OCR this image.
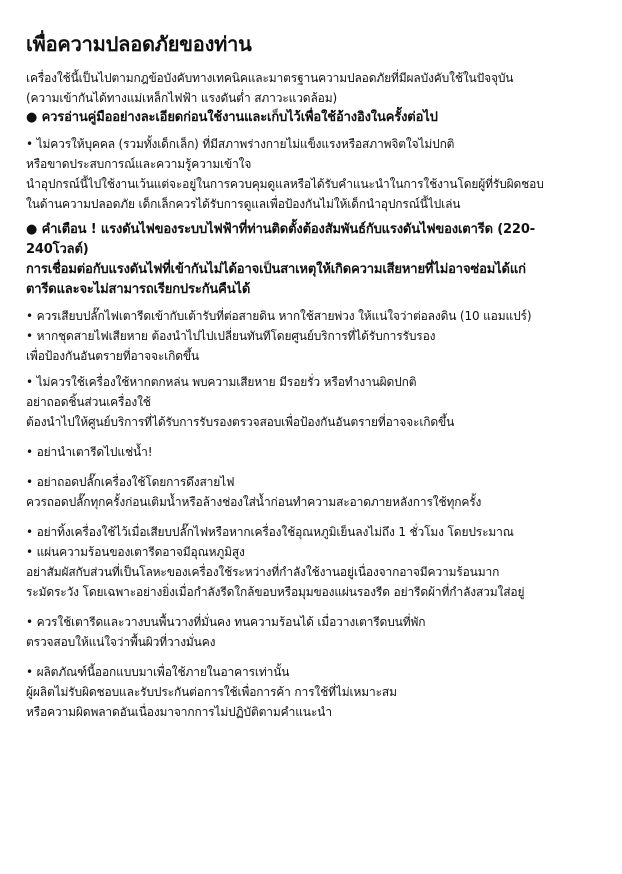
เพื่อความปลอดภัยของท่าน

เครื่องใช้นี้เป็นไปตามกฎข้อบังคับทางเทคนิคและมาตรฐานความปลอดภัยที่มีผลบังคับใช้ในปัจจุบัน

(ความเข้ากันได้ทางแม่เหล็กไฟฟ้า แรงดันต่ำ สภาวะแวดล้อม)

● ควรอ่านคู่มืออย่างละเอียดก่อนใช้งานและเก็บไว้เพื่อใช้อ้างอิงในครั้งต่อไป

• ไม่ควรให้บุคคล (รวมทั้งเด็กเล็ก) ที่มีสภาพร่างกายไม่แข็งแรงหรือสภาพจิตใจไม่ปกติ

หรือขาดประสบการณ์และความรู้ความเข้าใจ

นำอุปกรณ์นี้ไปใช้งานเว้นแต่จะอยู่ในการควบคุมดูแลหรือได้รับคำแนะนำในการใช้งานโดยผู้ที่รับผิดชอบ

ในด้านความปลอดภัย เด็กเล็กควรได้รับการดูแลเพื่อป้องกันไม่ให้เด็กนำอุปกรณ์นี้ไปเล่น

● คำเตือน ! แรงดันไฟของระบบไฟฟ้าที่ท่านติดตั้งต้องสัมพันธ์กับแรงดันไฟของเตารีด (220-

240โวลต์)

การเชื่อมต่อกับแรงดันไฟที่เข้ากันไม่ได้อาจเป็นสาเหตุให้เกิดความเสียหายที่ไม่อาจซ่อมได้แก่

ตารีดและจะไม่สามารถเรียกประกันคืนได้

• ควรเสียบปลั๊กไฟเตารีดเข้ากับเต้ารับที่ต่อสายดิน หากใช้สายพ่วง ให้แน่ใจว่าต่อลงดิน (10 แอมแปร์)

• หากชุดสายไฟเสียหาย ต้องนำไปไปเปลี่ยนทันทีโดยศูนย์บริการที่ได้รับการรับรอง

เพื่อป้องกันอันตรายที่อาจจะเกิดขึ้น

• ไม่ควรใช้เครื่องใช้หากตกหล่น พบความเสียหาย มีรอยรั่ว หรือทำงานผิดปกติ

อย่าถอดชิ้นส่วนเครื่องใช้

ต้องนำไปให้ศูนย์บริการที่ได้รับการรับรองตรวจสอบเพื่อป้องกันอันตรายที่อาจจะเกิดขึ้น

• อย่านำเตารีดไปแช่น้ำ!

• อย่าถอดปลั๊กเครื่องใช้โดยการดึงสายไฟ

ควรถอดปลั๊กทุกครั้งก่อนเติมน้ำหรือล้างช่องใส่น้ำก่อนทำความสะอาดภายหลังการใช้ทุกครั้ง

• อย่าทิ้งเครื่องใช้ไว้เมื่อเสียบปลั๊กไฟหรือหากเครื่องใช้อุณหภูมิเย็นลงไม่ถึง 1 ชั่วโมง โดยประมาณ

• แผ่นความร้อนของเตารีดอาจมีอุณหภูมิสูง

อย่าสัมผัสกับส่วนที่เป็นโลหะของเครื่องใช้ระหว่างที่กำลังใช้งานอยู่เนื่องจากอาจมีความร้อนมาก

ระมัดระวัง โดยเฉพาะอย่างยิ่งเมื่อกำลังรีดใกล้ขอบหรือมุมของแผ่นรองรีด อย่ารีดผ้าที่กำลังสวมใส่อยู่

• ควรใช้เตารีดและวางบนพื้นวางที่มั่นคง ทนความร้อนได้ เมื่อวางเตารีดบนที่พัก

ตรวจสอบให้แน่ใจว่าพื้นผิวที่วางมั่นคง

• ผลิตภัณฑ์นี้ออกแบบมาเพื่อใช้ภายในอาคารเท่านั้น

ผู้ผลิตไม่รับผิดชอบและรับประกันต่อการใช้เพื่อการค้า การใช้ที่ไม่เหมาะสม

หรือความผิดพลาดอันเนื่องมาจากการไม่ปฏิบัติตามคำแนะนำ
